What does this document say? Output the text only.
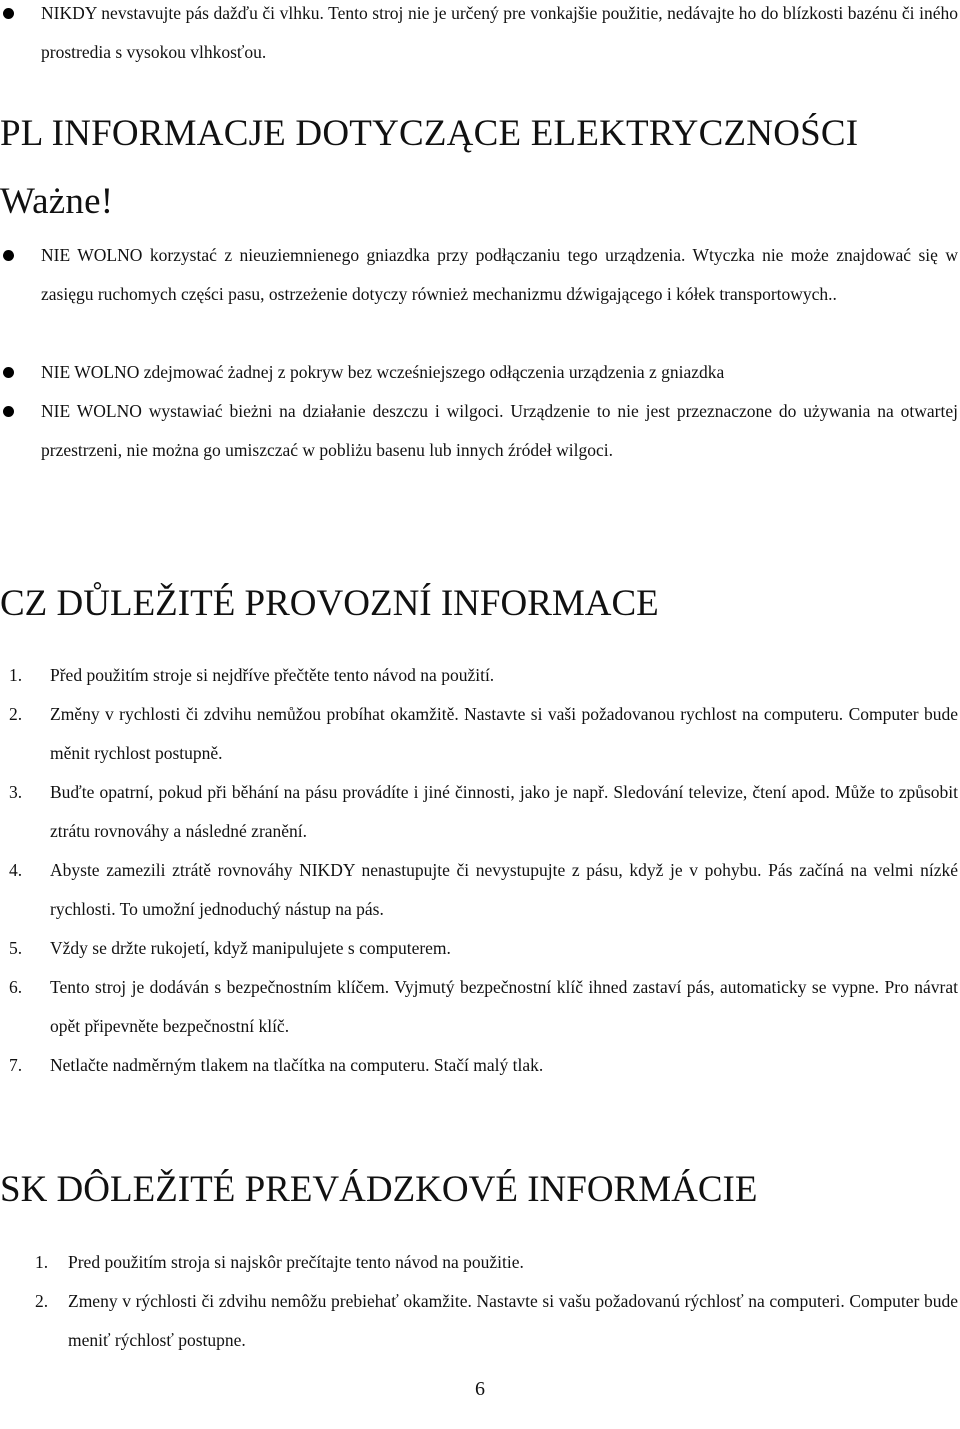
NIKDY nevstavujte pás dažďu či vlhku. Tento stroj nie je určený pre vonkajšie použitie, nedávajte ho do blízkosti bazénu či iného prostredia s vysokou vlhkosťou.
PL INFORMACJE DOTYCZĄCE ELEKTRYCZNOŚCI
Ważne!
NIE WOLNO korzystać z nieuziemnienego gniazdka przy podłączaniu tego urządzenia. Wtyczka nie może znajdować się w zasięgu ruchomych części pasu, ostrzeżenie dotyczy również mechanizmu dźwigającego i kółek transportowych..
NIE WOLNO zdejmować żadnej z pokryw bez wcześniejszego odłączenia urządzenia z gniazdka
NIE WOLNO wystawiać bieżni na działanie deszczu i wilgoci. Urządzenie to nie jest przeznaczone do używania na otwartej przestrzeni, nie można go umiszczać w pobliżu basenu lub innych źródeł wilgoci.
CZ DŮLEŽITÉ PROVOZNÍ INFORMACE
1. Před použitím stroje si nejdříve přečtěte tento návod na použití.
2. Změny v rychlosti či zdvihu nemůžou probíhat okamžitě. Nastavte si vaši požadovanou rychlost na computeru. Computer bude měnit rychlost postupně.
3. Buďte opatrní, pokud při běhání na pásu provádíte i jiné činnosti, jako je např. Sledování televize, čtení apod. Může to způsobit ztrátu rovnováhy a následné zranění.
4. Abyste zamezili ztrátě rovnováhy NIKDY nenastupujte či nevystupujte z pásu, když je v pohybu. Pás začíná na velmi nízké rychlosti. To umožní jednoduchý nástup na pás.
5. Vždy se držte rukojetí, když manipulujete s computerem.
6. Tento stroj je dodáván s bezpečnostním klíčem. Vyjmutý bezpečnostní klíč ihned zastaví pás, automaticky se vypne. Pro návrat opět připevněte bezpečnostní klíč.
7. Netlačte nadměrným tlakem na tlačítka na computeru. Stačí malý tlak.
SK DÔLEŽITÉ PREVÁDZKOVÉ INFORMÁCIE
1. Pred použitím stroja si najskôr prečítajte tento návod na použitie.
2. Zmeny v rýchlosti či zdvihu nemôžu prebiehať okamžite. Nastavte si vašu požadovanú rýchlosť na computeri. Computer bude meniť rýchlosť postupne.
6
